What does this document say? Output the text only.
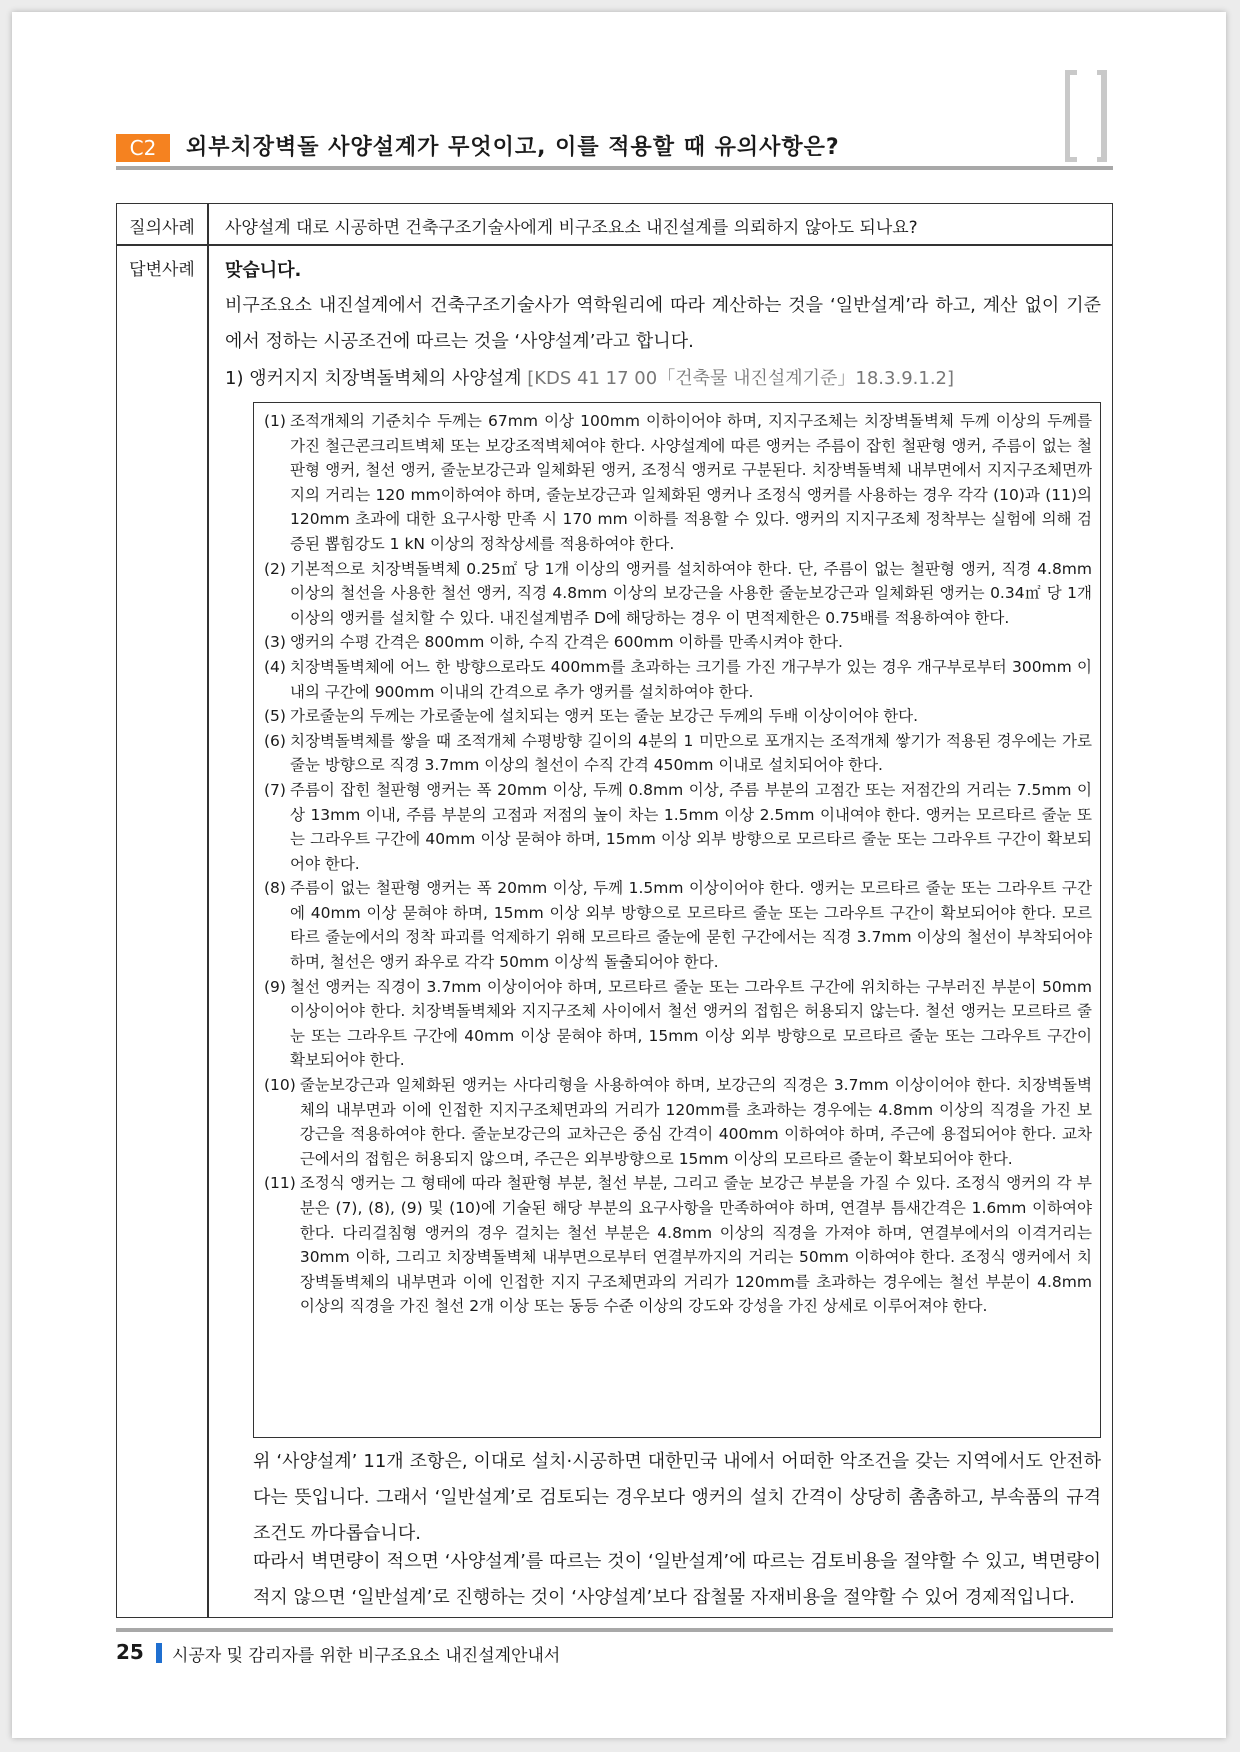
C2	외부치장벽돌 사양설계가 무엇이고, 이를 적용할 때 유의사항은?
질의사례	사양설계 대로 시공하면 건축구조기술사에게 비구조요소 내진설계를 의뢰하지 않아도 되나요?
답변사례	맞습니다.
비구조요소 내진설계에서 건축구조기술사가 역학원리에 따라 계산하는 것을 ‘일반설계’라 하고, 계산 없이 기준에서 정하는 시공조건에 따르는 것을 ‘사양설계’라고 합니다.
1) 앵커지지 치장벽돌벽체의 사양설계 [KDS 41 17 00「건축물 내진설계기준」18.3.9.1.2]
(1) 조적개체의 기준치수 두께는 67mm 이상 100mm 이하이어야 하며, 지지구조체는 치장벽돌벽체 두께 이상의 두께를 가진 철근콘크리트벽체 또는 보강조적벽체여야 한다. 사양설계에 따른 앵커는 주름이 잡힌 철판형 앵커, 주름이 없는 철판형 앵커, 철선 앵커, 줄눈보강근과 일체화된 앵커, 조정식 앵커로 구분된다. 치장벽돌벽체 내부면에서 지지구조체면까지의 거리는 120 mm이하여야 하며, 줄눈보강근과 일체화된 앵커나 조정식 앵커를 사용하는 경우 각각 (10)과 (11)의 120mm 초과에 대한 요구사항 만족 시 170 mm 이하를 적용할 수 있다. 앵커의 지지구조체 정착부는 실험에 의해 검증된 뽑힘강도 1 kN 이상의 정착상세를 적용하여야 한다.
(2) 기본적으로 치장벽돌벽체 0.25㎡ 당 1개 이상의 앵커를 설치하여야 한다. 단, 주름이 없는 철판형 앵커, 직경 4.8mm 이상의 철선을 사용한 철선 앵커, 직경 4.8mm 이상의 보강근을 사용한 줄눈보강근과 일체화된 앵커는 0.34㎡ 당 1개 이상의 앵커를 설치할 수 있다. 내진설계범주 D에 해당하는 경우 이 면적제한은 0.75배를 적용하여야 한다.
(3) 앵커의 수평 간격은 800mm 이하, 수직 간격은 600mm 이하를 만족시켜야 한다.
(4) 치장벽돌벽체에 어느 한 방향으로라도 400mm를 초과하는 크기를 가진 개구부가 있는 경우 개구부로부터 300mm 이내의 구간에 900mm 이내의 간격으로 추가 앵커를 설치하여야 한다.
(5) 가로줄눈의 두께는 가로줄눈에 설치되는 앵커 또는 줄눈 보강근 두께의 두배 이상이어야 한다.
(6) 치장벽돌벽체를 쌓을 때 조적개체 수평방향 길이의 4분의 1 미만으로 포개지는 조적개체 쌓기가 적용된 경우에는 가로줄눈 방향으로 직경 3.7mm 이상의 철선이 수직 간격 450mm 이내로 설치되어야 한다.
(7) 주름이 잡힌 철판형 앵커는 폭 20mm 이상, 두께 0.8mm 이상, 주름 부분의 고점간 또는 저점간의 거리는 7.5mm 이상 13mm 이내, 주름 부분의 고점과 저점의 높이 차는 1.5mm 이상 2.5mm 이내여야 한다. 앵커는 모르타르 줄눈 또는 그라우트 구간에 40mm 이상 묻혀야 하며, 15mm 이상 외부 방향으로 모르타르 줄눈 또는 그라우트 구간이 확보되어야 한다.
(8) 주름이 없는 철판형 앵커는 폭 20mm 이상, 두께 1.5mm 이상이어야 한다. 앵커는 모르타르 줄눈 또는 그라우트 구간에 40mm 이상 묻혀야 하며, 15mm 이상 외부 방향으로 모르타르 줄눈 또는 그라우트 구간이 확보되어야 한다. 모르타르 줄눈에서의 정착 파괴를 억제하기 위해 모르타르 줄눈에 묻힌 구간에서는 직경 3.7mm 이상의 철선이 부착되어야 하며, 철선은 앵커 좌우로 각각 50mm 이상씩 돌출되어야 한다.
(9) 철선 앵커는 직경이 3.7mm 이상이어야 하며, 모르타르 줄눈 또는 그라우트 구간에 위치하는 구부러진 부분이 50mm 이상이어야 한다. 치장벽돌벽체와 지지구조체 사이에서 철선 앵커의 접힘은 허용되지 않는다. 철선 앵커는 모르타르 줄눈 또는 그라우트 구간에 40mm 이상 묻혀야 하며, 15mm 이상 외부 방향으로 모르타르 줄눈 또는 그라우트 구간이 확보되어야 한다.
(10) 줄눈보강근과 일체화된 앵커는 사다리형을 사용하여야 하며, 보강근의 직경은 3.7mm 이상이어야 한다. 치장벽돌벽체의 내부면과 이에 인접한 지지구조체면과의 거리가 120mm를 초과하는 경우에는 4.8mm 이상의 직경을 가진 보강근을 적용하여야 한다. 줄눈보강근의 교차근은 중심 간격이 400mm 이하여야 하며, 주근에 용접되어야 한다. 교차근에서의 접힘은 허용되지 않으며, 주근은 외부방향으로 15mm 이상의 모르타르 줄눈이 확보되어야 한다.
(11) 조정식 앵커는 그 형태에 따라 철판형 부분, 철선 부분, 그리고 줄눈 보강근 부분을 가질 수 있다. 조정식 앵커의 각 부분은 (7), (8), (9) 및 (10)에 기술된 해당 부분의 요구사항을 만족하여야 하며, 연결부 틈새간격은 1.6mm 이하여야 한다. 다리걸침형 앵커의 경우 걸치는 철선 부분은 4.8mm 이상의 직경을 가져야 하며, 연결부에서의 이격거리는 30mm 이하, 그리고 치장벽돌벽체 내부면으로부터 연결부까지의 거리는 50mm 이하여야 한다. 조정식 앵커에서 치장벽돌벽체의 내부면과 이에 인접한 지지 구조체면과의 거리가 120mm를 초과하는 경우에는 철선 부분이 4.8mm 이상의 직경을 가진 철선 2개 이상 또는 동등 수준 이상의 강도와 강성을 가진 상세로 이루어져야 한다.
위 ‘사양설계’ 11개 조항은, 이대로 설치·시공하면 대한민국 내에서 어떠한 악조건을 갖는 지역에서도 안전하다는 뜻입니다. 그래서 ‘일반설계’로 검토되는 경우보다 앵커의 설치 간격이 상당히 촘촘하고, 부속품의 규격조건도 까다롭습니다.
따라서 벽면량이 적으면 ‘사양설계’를 따르는 것이 ‘일반설계’에 따르는 검토비용을 절약할 수 있고, 벽면량이 적지 않으면 ‘일반설계’로 진행하는 것이 ‘사양설계’보다 잡철물 자재비용을 절약할 수 있어 경제적입니다.
25 시공자 및 감리자를 위한 비구조요소 내진설계안내서
